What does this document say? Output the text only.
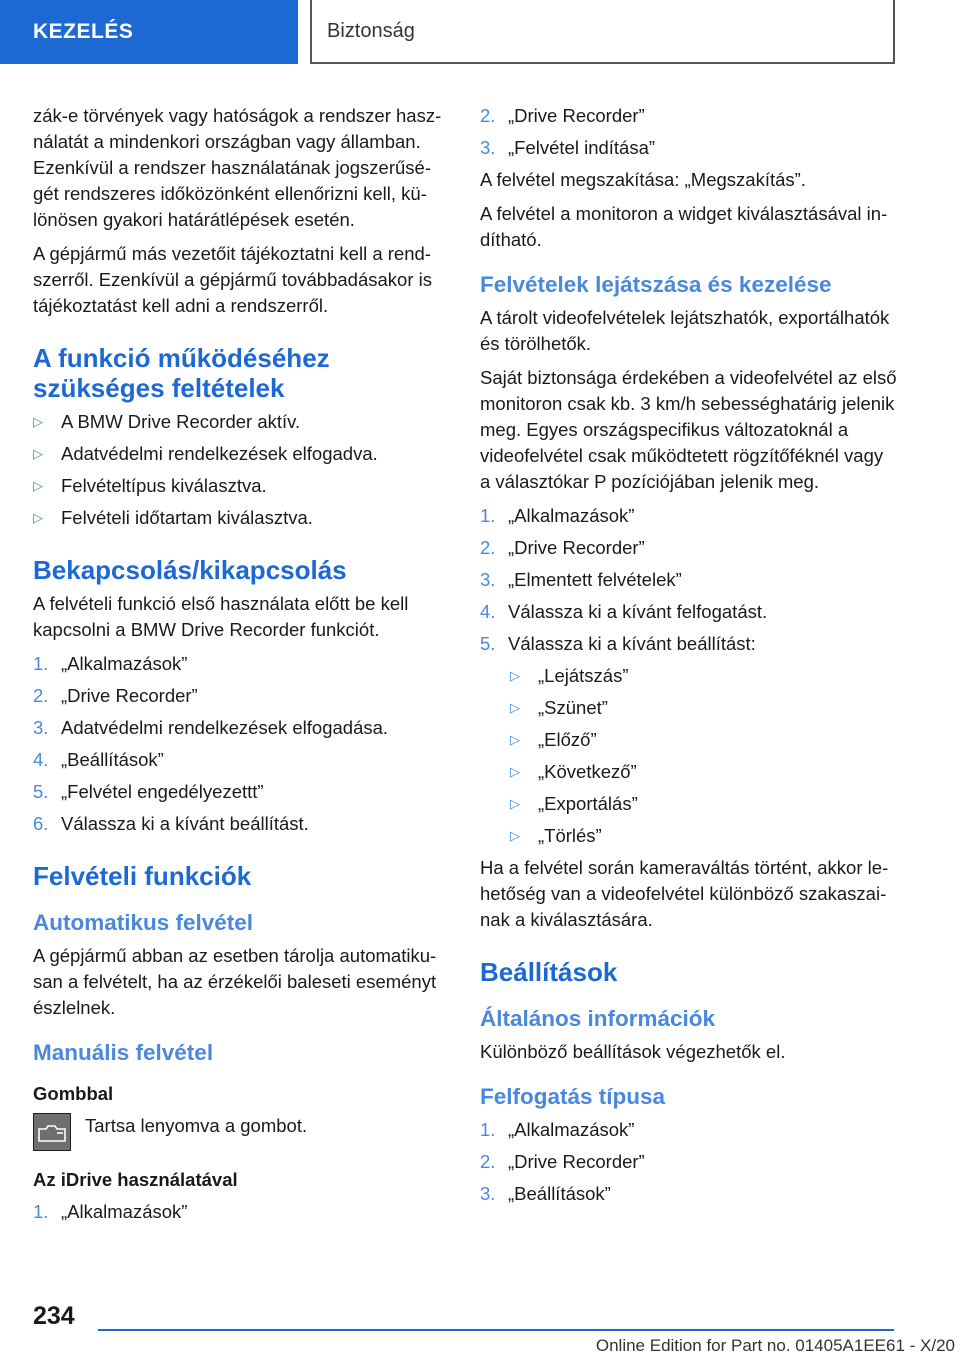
KEZELÉS	Biztonság

zák-e törvények vagy hatóságok a rendszer használatát a mindenkori országban vagy államban. Ezenkívül a rendszer használatának jogszerűségét rendszeres időközönként ellenőrizni kell, különösen gyakori határátlépések esetén.

A gépjármű más vezetőit tájékoztatni kell a rendszerről. Ezenkívül a gépjármű továbbadásakor is tájékoztatást kell adni a rendszerről.

A funkció működéséhez szükséges feltételek
▷ A BMW Drive Recorder aktív.
▷ Adatvédelmi rendelkezések elfogadva.
▷ Felvételtípus kiválasztva.
▷ Felvételi időtartam kiválasztva.
Bekapcsolás/kikapcsolás

A felvételi funkció első használata előtt be kell kapcsolni a BMW Drive Recorder funkciót.

1. „Alkalmazások”
2. „Drive Recorder”
3. Adatvédelmi rendelkezések elfogadása.
4. „Beállítások”
5. „Felvétel engedélyezettt”
6. Válassza ki a kívánt beállítást.
Felvételi funkciók
Automatikus felvétel

A gépjármű abban az esetben tárolja automatikusan a felvételt, ha az érzékelői baleseti eseményt észlelnek.

Manuális felvétel
Gombbal
Tartsa lenyomva a gombot.
Az iDrive használatával
1. „Alkalmazások”
2. „Drive Recorder”
3. „Felvétel indítása”

A felvétel megszakítása: „Megszakítás”.

A felvétel a monitoron a widget kiválasztásával indítható.

Felvételek lejátszása és kezelése

A tárolt videofelvételek lejátszhatók, exportálhatók és törölhetők.

Saját biztonsága érdekében a videofelvétel az első monitoron csak kb. 3 km/h sebességhatárig jelenik meg. Egyes országspecifikus változatoknál a videofelvétel csak működtetett rögzítőféknél vagy a választókar P pozíciójában jelenik meg.

1. „Alkalmazások”
2. „Drive Recorder”
3. „Elmentett felvételek”
4. Válassza ki a kívánt felfogatást.
5. Válassza ki a kívánt beállítást:
▷ „Lejátszás”
▷ „Szünet”
▷ „Előző”
▷ „Következő”
▷ „Exportálás”
▷ „Törlés”

Ha a felvétel során kameraváltás történt, akkor lehetőség van a videofelvétel különböző szakaszainak a kiválasztására.

Beállítások
Általános információk

Különböző beállítások végezhetők el.

Felfogatás típusa
1. „Alkalmazások”
2. „Drive Recorder”
3. „Beállítások”
234
Online Edition for Part no. 01405A1EE61 - X/20
